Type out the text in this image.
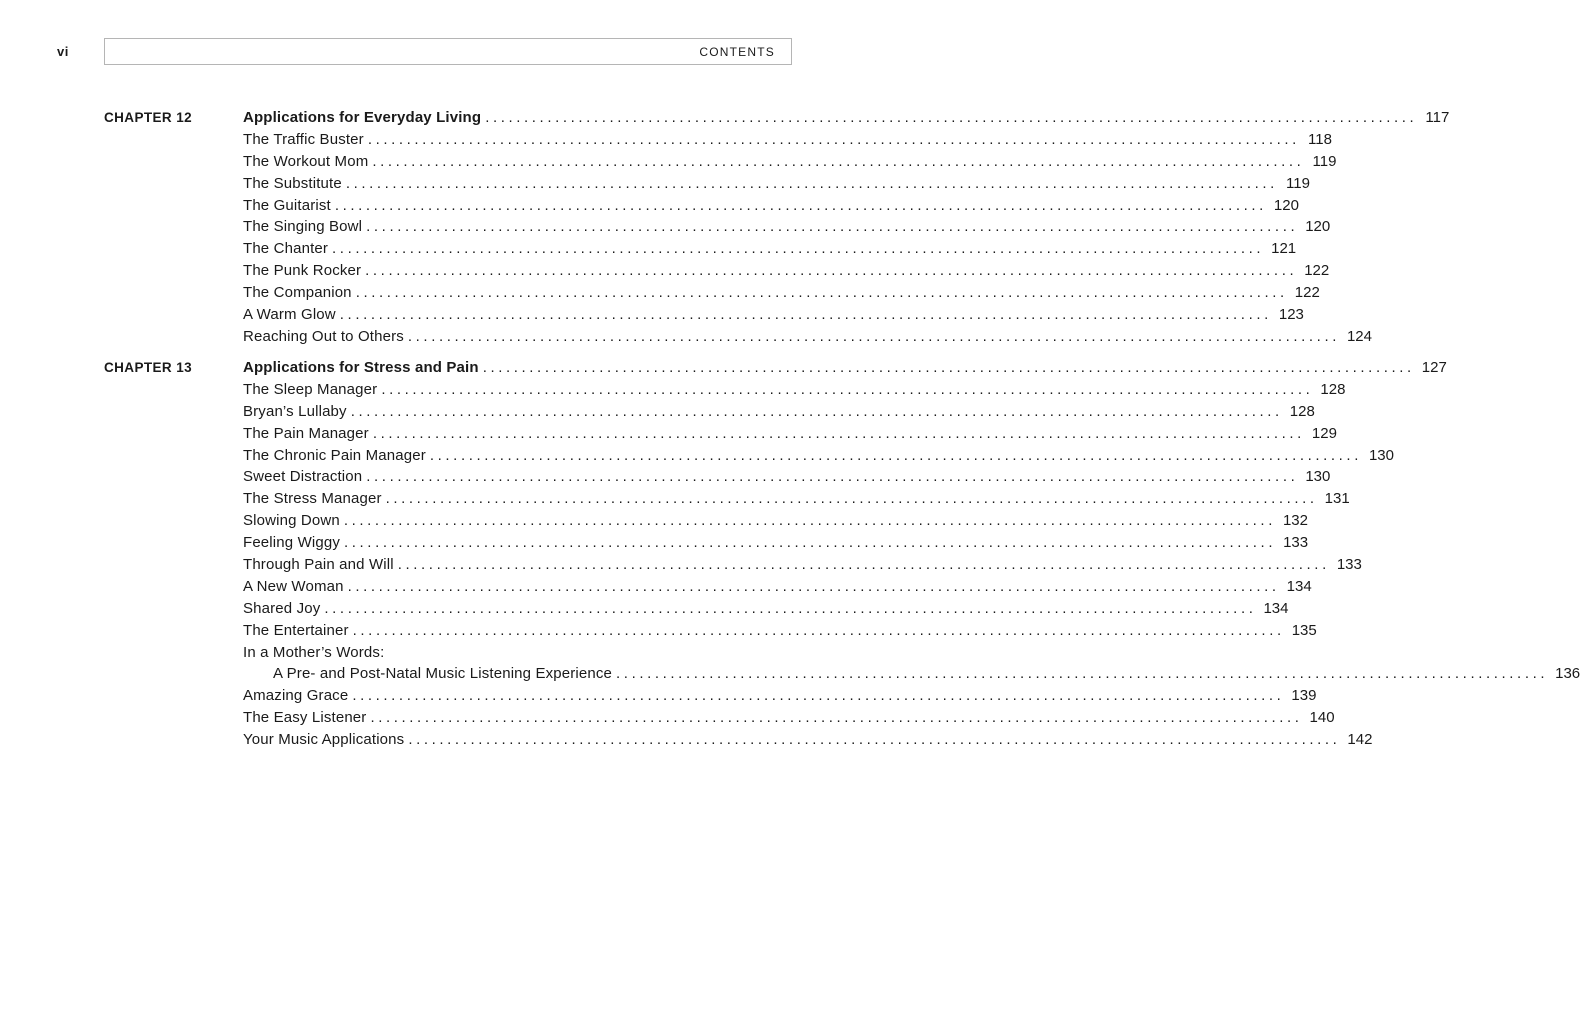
vi	CONTENTS
CHAPTER 12	Applications for Everyday Living ........................................................................................................................ 117
The Traffic Buster ........................................................................................................................ 118
The Workout Mom ........................................................................................................................ 119
The Substitute ........................................................................................................................ 119
The Guitarist ........................................................................................................................ 120
The Singing Bowl ........................................................................................................................ 120
The Chanter ........................................................................................................................ 121
The Punk Rocker ........................................................................................................................ 122
The Companion ........................................................................................................................ 122
A Warm Glow ........................................................................................................................ 123
Reaching Out to Others ........................................................................................................................ 124
CHAPTER 13	Applications for Stress and Pain ........................................................................................................................ 127
The Sleep Manager ........................................................................................................................ 128
Bryan’s Lullaby ........................................................................................................................ 128
The Pain Manager ........................................................................................................................ 129
The Chronic Pain Manager ........................................................................................................................ 130
Sweet Distraction ........................................................................................................................ 130
The Stress Manager ........................................................................................................................ 131
Slowing Down ........................................................................................................................ 132
Feeling Wiggy ........................................................................................................................ 133
Through Pain and Will ........................................................................................................................ 133
A New Woman ........................................................................................................................ 134
Shared Joy ........................................................................................................................ 134
The Entertainer ........................................................................................................................ 135
In a Mother’s Words:
A Pre- and Post-Natal Music Listening Experience ........................................................................................................................ 136
Amazing Grace ........................................................................................................................ 139
The Easy Listener ........................................................................................................................ 140
Your Music Applications ........................................................................................................................ 142
